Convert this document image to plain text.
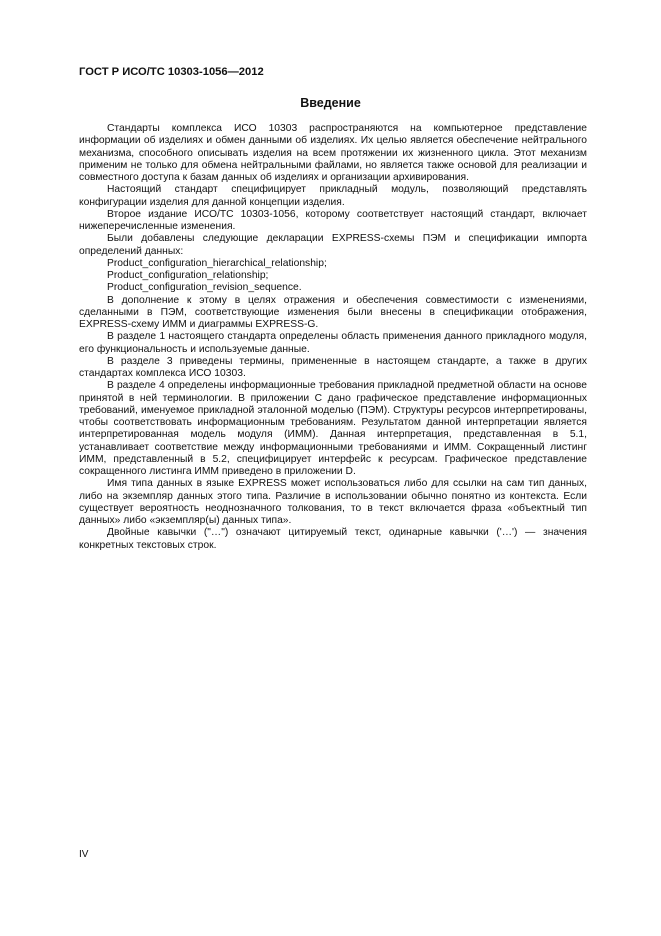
ГОСТ Р ИСО/ТС 10303-1056—2012
Введение

Стандарты комплекса ИСО 10303 распространяются на компьютерное представление информации об изделиях и обмен данными об изделиях. Их целью является обеспечение нейтрального механизма, способного описывать изделия на всем протяжении их жизненного цикла. Этот механизм применим не только для обмена нейтральными файлами, но является также основой для реализации и совместного доступа к базам данных об изделиях и организации архивирования.

Настоящий стандарт специфицирует прикладный модуль, позволяющий представлять конфигурации изделия для данной концепции изделия.

Второе издание ИСО/ТС 10303-1056, которому соответствует настоящий стандарт, включает нижеперечисленные изменения.

Были добавлены следующие декларации EXPRESS-схемы ПЭМ и спецификации импорта определений данных:

Product_configuration_hierarchical_relationship;

Product_configuration_relationship;

Product_configuration_revision_sequence.

В дополнение к этому в целях отражения и обеспечения совместимости с изменениями, сделанными в ПЭМ, соответствующие изменения были внесены в спецификации отображения, EXPRESS-схему ИММ и диаграммы EXPRESS-G.

В разделе 1 настоящего стандарта определены область применения данного прикладного модуля, его функциональность и используемые данные.

В разделе 3 приведены термины, примененные в настоящем стандарте, а также в других стандартах комплекса ИСО 10303.

В разделе 4 определены информационные требования прикладной предметной области на основе принятой в ней терминологии. В приложении С дано графическое представление информационных требований, именуемое прикладной эталонной моделью (ПЭМ). Структуры ресурсов интерпретированы, чтобы соответствовать информационным требованиям. Результатом данной интерпретации является интерпретированная модель модуля (ИММ). Данная интерпретация, представленная в 5.1, устанавливает соответствие между информационными требованиями и ИММ. Сокращенный листинг ИММ, представленный в 5.2, специфицирует интерфейс к ресурсам. Графическое представление сокращенного листинга ИММ приведено в приложении D.

Имя типа данных в языке EXPRESS может использоваться либо для ссылки на сам тип данных, либо на экземпляр данных этого типа. Различие в использовании обычно понятно из контекста. Если существует вероятность неоднозначного толкования, то в текст включается фраза «объектный тип данных» либо «экземпляр(ы) данных типа».

Двойные кавычки ("…") означают цитируемый текст, одинарные кавычки ('…') — значения конкретных текстовых строк.

IV
